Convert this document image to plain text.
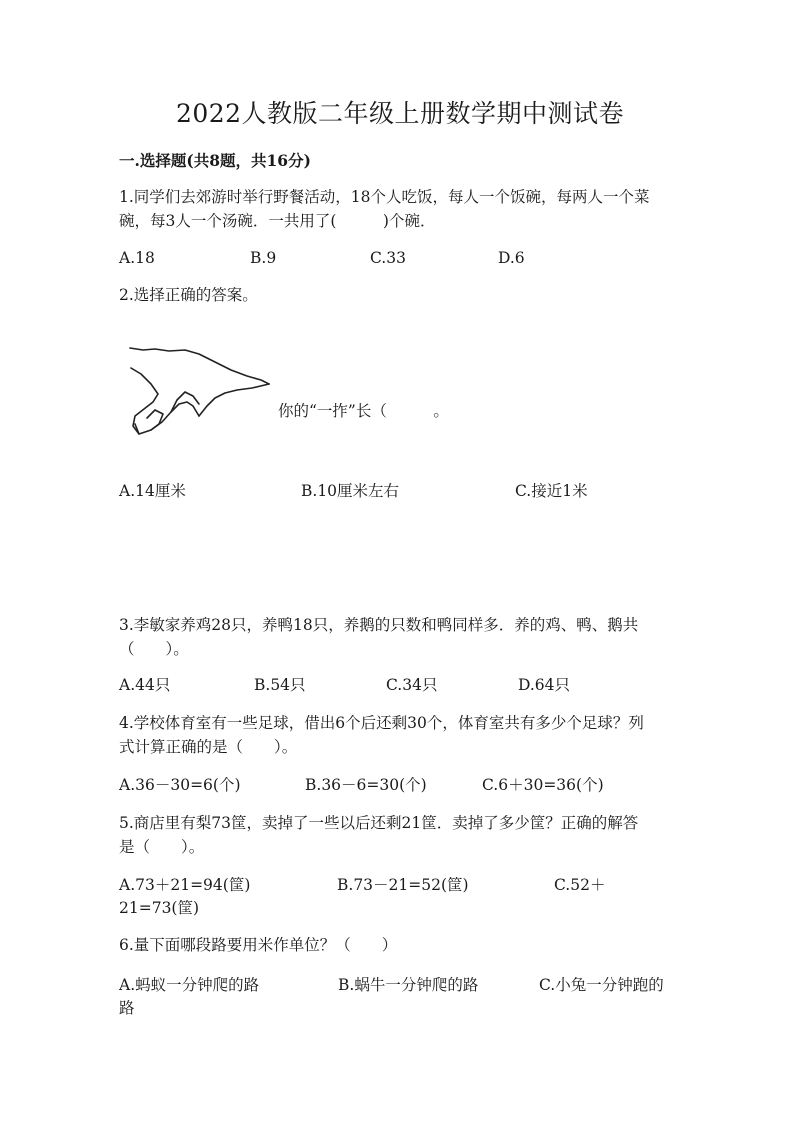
2022人教版二年级上册数学期中测试卷
一.选择题(共8题，共16分)
1.同学们去郊游时举行野餐活动，18个人吃饭，每人一个饭碗，每两人一个菜
碗，每3人一个汤碗．一共用了(　　　)个碗．
A.18	B.9	C.33	D.6
2.选择正确的答案。
你的“一拃”长（　　　。
A.14厘米	B.10厘米左右	C.接近1米
3.李敏家养鸡28只，养鸭18只，养鹅的只数和鸭同样多．养的鸡、鸭、鹅共
（　　）。
A.44只	B.54只	C.34只	D.64只
4.学校体育室有一些足球，借出6个后还剩30个，体育室共有多少个足球？列
式计算正确的是（　　）。
A.36－30=6(个)	B.36－6=30(个)	C.6＋30=36(个)
5.商店里有梨73筐，卖掉了一些以后还剩21筐．卖掉了多少筐？正确的解答
是（　　）。
A.73＋21=94(筐)	B.73－21=52(筐)	C.52＋
21=73(筐)
6.量下面哪段路要用米作单位？（　　）
A.蚂蚁一分钟爬的路	B.蜗牛一分钟爬的路	C.小兔一分钟跑的
路
